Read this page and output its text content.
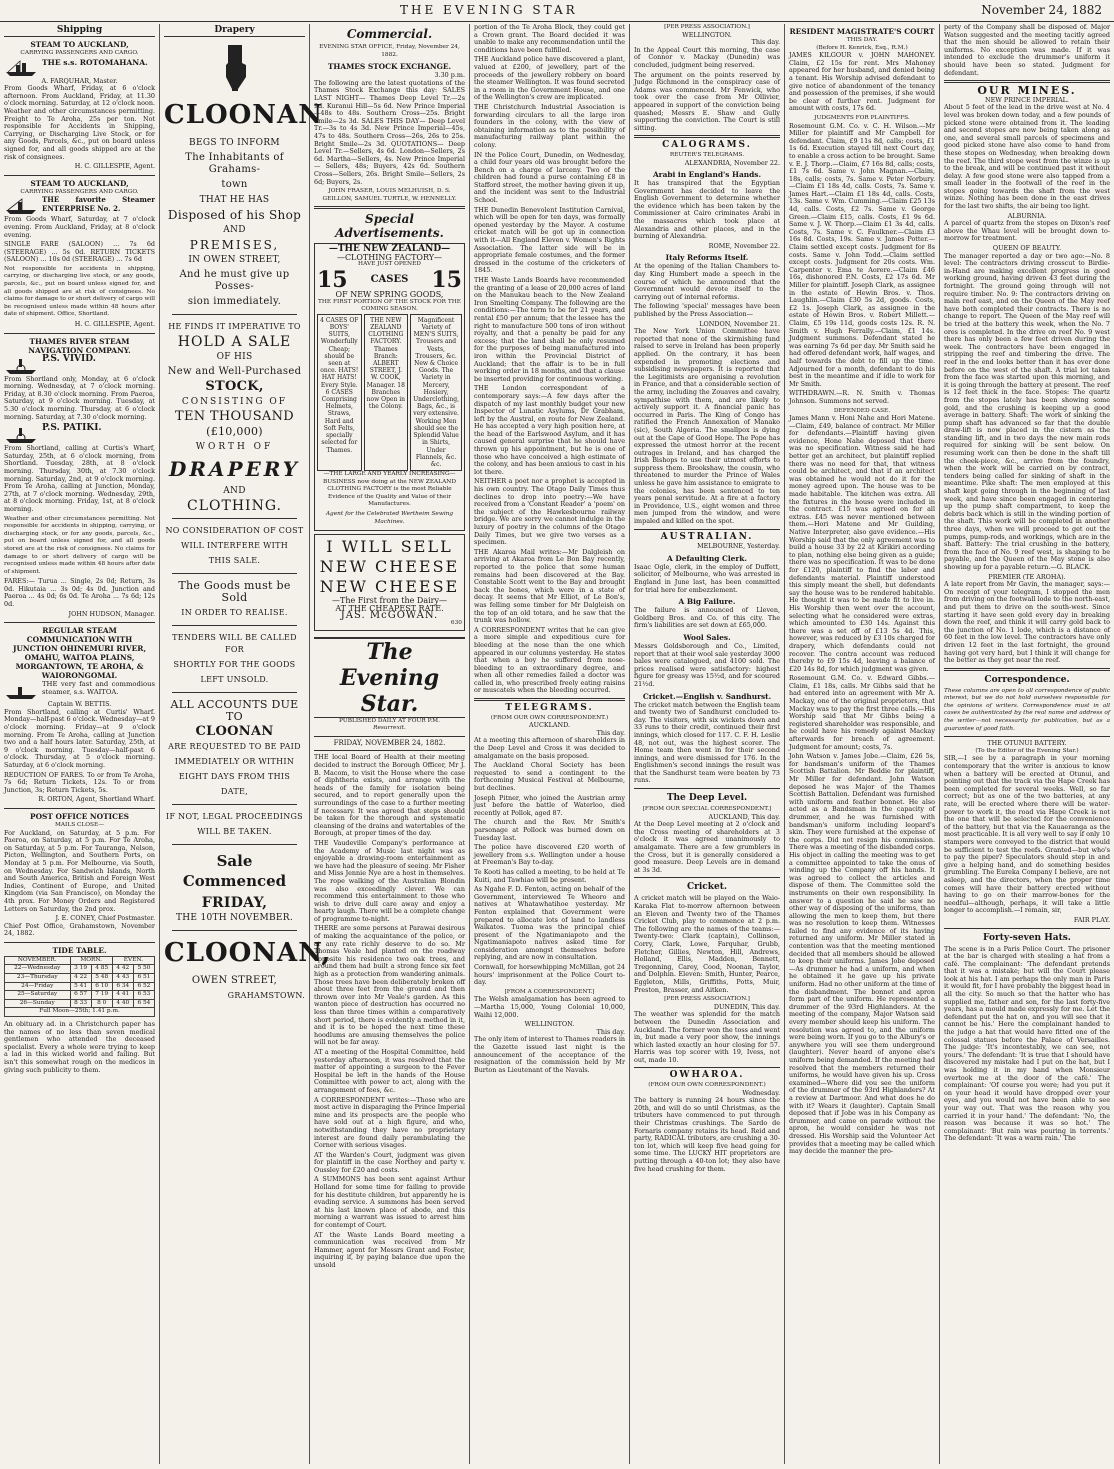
THE EVENING STAR	November 24, 1882
Shipping
STEAM TO AUCKLAND,
CARRYING PASSENGERS AND CARGO.
THE s.s. ROTOMAHANA.
A. FARQUHAR, Master.

From Goods Wharf, Friday, at 6 o'clock afternoon. From Auckland, Friday, at 11.30 o'clock morning. Saturday, at 12 o'clock noon. Weather and other circumstances permitting. Freight to Te Aroha, 25s per ton. Not responsible for Accidents in Shipping, Carrying, or Discharging Live Stock, or for any Goods, Parcels, &c., put on board unless signed for, and all goods shipped are at the risk of consignees.

H. C. GILLESPIE, Agent.
STEAM TO AUCKLAND,
CARRYING PASSENGERS AND CARGO.
THE favorite Steamer ENTERPRISE No. 2.

From Goods Wharf, Saturday, at 7 o'clock evening. From Auckland, Friday, at 8 o'clock evening.

SINGLE FARE (SALOON) ... 7s 6d (STEERAGE) ... 5s 0d. RETURN TICKETS (SALOON) ... 10s 0d (STEERAGE) ... 7s 6d

Not responsible for accidents in shipping, carrying, or discharging live stock, or any goods, parcels, &c., put on board unless signed for, and all goods shipped are at risk of consignees. No claims for damage to or short delivery of cargo will be recognised unless made within 48 hours after date of shipment. Office, Shortland.

H. C. GILLESPIE, Agent.
THAMES RIVER STEAM NAVIGATION COMPANY.
P.S. VIVID.

From Shortland only, Monday, at 6 o'clock morning. Wednesday, at 7 o'clock morning. Friday, at 8.30 o'clock morning. From Paeroa, Saturday, at 9 o'clock morning. Tuesday, at 5.30 o'clock morning. Thursday, at 6 o'clock morning. Saturday, at 7.30 o'clock morning.

P.S. PATIKI.

From Shortland, calling at Curtis's Wharf, Saturday, 25th, at 6 o'clock morning, from Shortland. Tuesday, 28th, at 8 o'clock morning. Thursday, 30th, at 7.30 o'clock morning. Saturday, 2nd, at 9 o'clock morning. From Te Aroha, calling at Junction, Monday, 27th, at 7 o'clock morning. Wednesday, 29th, at 8 o'clock morning. Friday, 1st, at 8 o'clock morning.

Weather and other circumstances permitting. Not responsible for accidents in shipping, carrying, or discharging stock, or for any goods, parcels, &c., put on board unless signed for, and all goods stored are at the risk of consignees. No claims for damage to or short delivery of cargo will be recognised unless made within 48 hours after date of shipment.

FARES:— Turua ... Single, 2s 0d; Return, 3s 0d. Hikutaia ... 3s 0d; 4s 0d. Junction and Paeroa ... 4s 0d; 6s 0d. Te Aroha ... 7s 6d; 12s 0d.

JOHN HUDSON, Manager.
REGULAR STEAM COMMUNICATION WITH JUNCTION OHINEMURI RIVER, OMAHU, WAITOA PLAINS, MORGANTOWN, TE AROHA, & WAIORONGOMAI.
THE very fast and commodious steamer, s.s. WAITOA.
Captain W. BETTIS.

From Shortland, calling at Curtis' Wharf. Monday—half-past 6 o'clock. Wednesday—at 9 o'clock morning. Friday—at 9 o'clock morning. From Te Aroha, calling at Junction two and a half hours later. Saturday, 25th, at 9 o'clock morning. Tuesday—half-past 6 o'clock. Thursday, at 5 o'clock morning. Saturday, at 6 o'clock morning.

REDUCTION OF FARES. To or from Te Aroha, 7s 6d; Return Tickets, 12s. To or from Junction, 3s; Return Tickets, 5s.

R. ORTON, Agent, Shortland Wharf.
POST OFFICE NOTICES
MAILS CLOSE—

For Auckland, on Saturday, at 5 p.m. For Paeroa, on Saturday, at 5 p.m. For Te Aroha, on Saturday, at 5 p.m. For Tauranga, Nelson, Picton, Wellington, and Southern Ports, on Monday at 5 p.m. For Melbourne, via South, on Wednesday. For Sandwich Islands, North and South America, British and Foreign West Indies, Continent of Europe, and United Kingdom (via San Francisco), on Monday the 4th prox. For Money Orders and Registered Letters on Saturday, the 2nd prox.

J. E. CONEY, Chief Postmaster.
Chief Post Office, Grahamstown, November 24, 1882.
TIDE TABLE.
NOVEMBER.	MORN.		EVEN.	
22—Wednesday	3 19	4 85	4 42	5 50
23—Thursday	4 22	5 48	4 43	6 51
24—Friday	5 41	6 10	6 34	6 52
25—Saturday	6 57	7 19	4 41	6 53
26—Sunday	8 33	8 0	4 40	6 54
Full Moon—25th; 1.41 p.m.				

An obituary ad. in a Christchurch paper has the names of no less than seven medical gentlemen who attended the deceased specialist. Every a whole were trying to keep a lad in this wicked world and failing. But isn't this somewhat rough on the medicos in giving such publicity to them.

Drapery
CLOONAN
BEGS TO INFORM
The Inhabitants of Grahams-
town
THAT HE HAS
Disposed of his Shop
AND
PREMISES,
IN OWEN STREET,
And he must give up Posses-
sion immediately.
HE FINDS IT IMPERATIVE TO
HOLD A SALE
OF HIS
New and Well-Purchased
STOCK,
CONSISTING OF
TEN THOUSAND
(£10,000)
WORTH OF
DRAPERY
AND
CLOTHING.
NO CONSIDERATION OF COST
WILL INTERFERE WITH
THIS SALE.
The Goods must be Sold
IN ORDER TO REALISE.
TENDERS WILL BE CALLED FOR
SHORTLY FOR THE GOODS
LEFT UNSOLD.
ALL ACCOUNTS DUE TO
CLOONAN
ARE REQUESTED TO BE PAID
IMMEDIATELY OR WITHIN
EIGHT DAYS FROM THIS
DATE,
IF NOT, LEGAL PROCEEDINGS
WILL BE TAKEN.
Sale Commenced
FRIDAY,
THE 10TH NOVEMBER.
CLOONAN,
OWEN STREET,
GRAHAMSTOWN.
Commercial.
EVENING STAR OFFICE, Friday, November 24, 1882.
THAMES STOCK EXCHANGE.
3.30 p.m.

The following are the latest quotations of the Thames Stock Exchange this day: SALES LAST NIGHT— Thames Deep Level Tr.—2s 9d. Kuranui Hill—5s 6d. New Prince Imperial—48s to 48s. Southern Cross—25s. Bright Smile—2s 3d. SALES THIS DAY— Deep Level Tr.—3s to 4s 3d. New Prince Imperial—45s, 47s to 48s. Southern Cross—26s, 26s to 25s. Bright Smile—2s 3d. QUOTATIONS— Deep Level Tr.—Sellers, 4s 6d. London—Sellers, 2s 6d. Martha—Sellers, 4s. New Prince Imperial — Sellers, 48s; Buyers, 42s 6d. Southern Cross—Sellers, 26s. Bright Smile—Sellers, 2s 6d; Buyers, 2s.

JOHN FRASER, LOUIS MELHUISH, D. S. GEILLON, SAMUEL TURTLE, W. HENNELLY.

Special Advertisements.
—THE NEW ZEALAND—
—CLOTHING FACTORY—
HAVE JUST OPENED
15 CASES 15
OF NEW SPRING GOODS,
THE FIRST PORTION OF THE STOCK FOR THE COMING SEASON.
4 CASES OF BOYS' SUITS, Wonderfully Cheap; should be seen at once. HATS! HAT HATS! Every Style. 6 CASES Comprising Helmets, Straws, Hard and Soft Felts, specially selected for Thames.
THE NEW ZEALAND CLOTHING FACTORY. Thames Branch: ALBERT STREET, J. W. COOK, Manager. 18 Branches now Open in the Colony.
Magnificent Variety of MEN'S SUITS, Trousers and Vests, Trousers, &c. New & Choice Goods. The Variety in Mercery, Hosiery, Underclothing, Bags, &c., is very extensive. Working Men should see the Splendid Value in Shirts, Under Flannels, &c. &c.

—THE LARGE AND YEARLY INCREASING— BUSINESS now doing at the NEW ZEALAND CLOTHING FACTORY is the most Reliable Evidence of the Quality and Value of their Manufactures.

Agent for the Celebrated Wertheim Sewing Machines.

I WILL SELL
NEW CHEESE
NEW CHEESE
—The First from the Dairy—
AT THE CHEAPEST RATE.
JAS. McGOWAN.
630
The Evening Star.
PUBLISHED DAILY AT FOUR P.M.
Resurrexit.
FRIDAY, NOVEMBER 24, 1882.

THE local Board of Health at their meeting decided to instruct the Borough Officer, Mr J. B. Macom, to visit the House where the case of diphtheria exists, and arrange with the heads of the family for isolation being secured, and to report generally upon the surroundings of the case to a further meeting if necessary. It was agreed that steps should be taken for the thorough and systematic cleansing of the drains and watertables of the Borough, at proper times of the day.

THE Vaudeville Company's performance at the Academy of Music last night was as enjoyable a drawing-room entertainment as we have had the pleasure of seeing. Mr Fisher and Miss Jennie Nye are a host in themselves. The rope walking of the Australian Blondin was also exceedingly clever. We can recommend this entertainment to those who wish to drive dull care away and enjoy a hearty laugh. There will be a complete change of programme to-night.

THERE are some persons at Parawai desirous of making the acquaintance of the police, or at any rate richly deserve to do so. Mr Thomas Veale had planted on the roadway opposite his residence two oak trees, and around them had built a strong fence six feet high as a protection from wandering animals. Those trees have been deliberately broken off about three feet from the ground and then thrown over into Mr Veale's garden. As this wanton piece of destruction has occurred no less than three times within a comparatively short period, there is evidently a method in it, and it is to be hoped the next time these hoodlums are amusing themselves the police will not be far away.

AT a meeting of the Hospital Committee, held yesterday afternoon, it was resolved that the matter of appointing a surgeon to the Fever Hospital be left in the hands of the House Committee with power to act, along with the arrangement of fees, &c.

A CORRESPONDENT writes:—Those who are most active in disparaging the Prince Imperial mine and its prospects are the people who have sold out at a high figure, and who, notwithstanding they have no proprietary interest are found daily perambulating the Corner with serious visages.

AT the Warden's Court, judgment was given for plaintiff in the case Northey and party v. Oussley for £20 and costs.

A SUMMONS has been sent against Arthur Holland for some time for failing to provide for his destitute children, but apparently he is evading service. A summons has been served at his last known place of abode, and this morning a warrant was issued to arrest him for contempt of Court.

AT the Waste Lands Board meeting a communication was received from Mr Hammer, agent for Messrs Grant and Foster, inquiring if, by paying balance due upon the unsold

portion of the Te Aroha Block, they could get a Crown grant. The Board decided it was unable to make any recommendation until the conditions have been fulfilled.

THE Auckland police have discovered a plant, valued at £200, of jewellery, part of the proceeds of the jewellery robbery on board the steamer Wellington. It was found secreted in a room in the Government House, and one of the Wellington's crew are implicated.

THE Christchurch Industrial Association is forwarding circulars to all the large iron founders in the colony, with the view of obtaining information as to the possibility of manufacturing railway plant within the colony.

IN the Police Court, Dunedin, on Wednesday, a child four years old was brought before the Bench on a charge of larceny. Two of the children had found a purse containing £8 in Stafford street, the mother having given it up, and the incident was sent to the Industrial School.

THE Dunedin Benevolent Institution Carnival, which will be open for ten days, was formally opened yesterday by the Mayor. A costume cricket match will be got up in connection with it—All England Eleven v. Women's Rights Association. The latter side will be in appropriate female costumes, and the former dressed in the costume of the cricketers of 1845.

THE Waste Lands Boards have recommended the granting of a lease of 20,000 acres of land on the Manukau beach to the New Zealand Iron Smelting Company. The following are the conditions:—The term to be for 21 years, and rental £50 per annum; that the lessee has the right to manufacture 500 tons of iron without royalty, and that a penalty be paid for any excess; that the land shall be only resumed for the purposes of being manufactured into iron within the Provincial District of Auckland; that the affair is to be in full working order in 18 months, and that a clause be inserted providing for continuous working.

THE London correspondent of a contemporary says:—A few days after the dispatch of my last monthly budget your new Inspector of Lunatic Asylums, Dr Grabham, left by the Austral, en route for New Zealand. He has accepted a very high position here, at the head of the Earlswood Asylum, and it has caused general surprise that he should have thrown up his appointment, but he is one of those who have conceived a high estimate of the colony, and has been anxious to cast in his lot there.

NEITHER a poet nor a prophet is accepted in his own country. The Otago Daily Times thus declines to drop into poetry:—We have received from a 'Constant Reader' a 'poem' on the subject of the Hawkesbourne railway bridge. We are sorry we cannot indulge in the luxury of poetry in the columns of the Otago Daily Times, but we give two verses as a specimen.

THE Akaroa Mail writes:—Mr Dalgleish on arriving at Akaroa from Le Bon Bay recently, reported to the police that some human remains had been discovered at the Bay. Constable Scott went to the Bay and brought back the bones, which were in a state of decay. It seems that Mr Elliot, of Le Bon's, was felling some timber for Mr Dalgleish on the top of an old totara, and he saw that the trunk was hollow.

A CORRESPONDENT writes that he can give a more simple and expeditious cure for bleeding at the nose than the one which appeared in our columns yesterday. He states that when a boy he suffered from nose-bleeding to an extraordinary degree, and when all other remedies failed a doctor was called in, who prescribed freely eating raisins or muscatels when the bleeding occurred.

TELEGRAMS.
(FROM OUR OWN CORRESPONDENT.)
AUCKLAND.
This day.

At a meeting this afternoon of shareholders in the Deep Level and Cross it was decided to amalgamate on the basis proposed.

The Auckland Choral Society has been requested to send a contingent to the forthcoming Musical Festival at Melbourne, but declines.

Joseph Pitner, who joined the Austrian army just before the battle of Waterloo, died recently at Pollok, aged 87.

The church and the Rev. Mr Smith's parsonage at Pollock was burned down on Tuesday last.

The police have discovered £20 worth of jewellery from s.s. Wellington under a house at Freeman's Bay to-day.

Te Kooti has called a meeting, to be held at Te Kuiti, and Tawhiao will be present.

As Ngahe F. D. Fenton, acting on behalf of the Government, interviewed Te Wheoro and natives at Whatawhatihoe yesterday. Mr Fenton explained that Government were prepared to allocate lots of land to landless Waikatos. Tuoma was the principal chief present of the Ngatimaniapoto and the Ngatimaniapoto natives asked time for consideration amongst themselves before replying, and are now in consultation.

Cornwall, for horsewhipping McMillan, got 24 hours' imprisonment at the Police Court to-day.

[FROM A CORRESPONDENT.]

The Welsh amalgamation has been agreed to—Martha 15,000, Young Colonial 10,000, Waihi 12,000.

WELLINGTON.
This day.

The only item of interest to Thames readers in the Gazette issued last night is the announcement of the acceptance of the resignation of the commission held by Mr Burton as Lieutenant of the Navals.

[PER PRESS ASSOCIATION.]
WELLINGTON.
This day.

In the Appeal Court this morning, the case of Connor v. Mackay (Dunedin) was concluded, judgment being reserved.

The argument on the points reserved by Judge Richmond in the conspiracy case of Adams was commenced. Mr Fenwick, who took over the case from Mr Ollivier, appeared in support of the conviction being quashed; Messrs E. Shaw and Gully supporting the conviction. The Court is still sitting.

CALOGRAMS.
REUTER'S TELEGRAMS.
ALEXANDRIA, November 22.
Arabi in England's Hands.

It has transpired that the Egyptian Government has decided to leave the English Government to determine whether the evidence which has been taken by the Commissioner at Cairo criminates Arabi in the massacres which took place at Alexandria and other places, and in the burning of Alexandria.

ROME, November 22.
Italy Reforms Itself.

At the opening of the Italian Chambers to-day King Humbert made a speech in the course of which he announced that the Government would devote itself to the carrying out of internal reforms.

The following 'special' messages have been published by the Press Association—

LONDON, November 21.

The New York Union Committee have reported that none of the skirmishing fund raised to serve in Ireland has been properly applied. On the contrary, it has been expended in promoting elections and subsidising newspapers. It is reported that the Legitimists are organising a revolution in France, and that a considerable section of the army, including the Zouaves and cavalry, sympathise with them, and are likely to actively support it. A financial panic has occurred in Paris. The King of Congo has ratified the French Annexation of Manako (sic), South Algeria. The smallpox is dying out at the Cape of Good Hope. The Pope has expressed the utmost horror at the recent outrages in Ireland, and has charged the Irish Bishops to use their utmost efforts to suppress them. Brookshaw, the cousin, who threatened to murder the Prince of Wales unless he gave him assistance to emigrate to the colonies, has been sentenced to ten years penal servitude. At a fire at a factory in Providence, U.S., eight women and three men jumped from the window, and were impaled and killed on the spot.

AUSTRALIAN.
MELBOURNE, Yesterday.
A Defaulting Clerk.

Isaac Ogle, clerk, in the employ of Duffett, solicitor, of Melbourne, who was arrested in England in June last, has been committed for trial here for embezzlement.

A Big Failure.

The failure is announced of Lleven, Goldberg Bros. and Co. of this city. The firm's liabilities are set down at £65,000.

Wool Sales.

Messrs Goldsborough and Co., Limited, report that at their wool sale yesterday 3000 bales were catalogued, and 4100 sold. The prices realised were satisfactory: highest figure for greasy was 15½d, and for scoured 21½d.

Cricket.—English v. Sandhurst.

The cricket match between the English team and twenty two of Sandhurst concluded to-day. The visitors, with six wickets down and 33 runs to their credit, continued their first innings, which closed for 117. C. F. H. Leslie 48, not out, was the highest scorer. The Home team then went in for their second innings, and were dismissed for 176. In the Englishmen's second innings the result was that the Sandhurst team were beaten by 73 runs.

The Deep Level.
[FROM OUR SPECIAL CORRESPONDENT.]
AUCKLAND, This day.

At the Deep Level meeting at 2 o'clock and the Cross meeting of shareholders at 3 o'clock it was agreed unanimously to amalgamate. There are a few grumblers in the Cross, but it is generally considered a good measure. Deep Levels are in demand at 3s 3d.

Cricket.

A cricket match will be played on the Waio-Karaka Flat to-morrow afternoon between an Eleven and Twenty two of the Thames Cricket Club, play to commence at 2 p.m. The following are the names of the teams:—Twenty-two: Clark (captain), Collinson, Corry, Clark, Lowe, Farquhar, Grubb, Fletcher, Gillies, Newton, Hill, Andrews, Holland, Ellis, Madden, Bennett, Tregonning, Carey, Cood, Noonan, Taylor, and Dolphin. Eleven: Smith, Hunter, Pearce, Eggleton, Mills, Griffiths, Potts, Muir, Preston, Brasser, and Aitken.

[PER PRESS ASSOCIATION.]
DUNEDIN, This day.

The weather was splendid for the match between the Dunedin Association and Auckland. The former won the toss and went in, but made a very poor show, the innings which lasted exactly an hour closing for 57. Harris was top scorer with 19, Ivess, not out, made 10.

OWHAROA.
(FROM OUR OWN CORRESPONDENT.)
Wednesday.

The battery is running 24 hours since the 20th, and will do so until Christmas, as the tributers have commenced to put through their Christmas crushings. The Sardo de Fornaris company retains its head. Reid and party, RADICAL tributers, are crushing a 30-ton lot, which will keep five head going for some time. The LUCKY HIT proprietors are putting through a 40-ton lot; they also have five head crushing for them.

RESIDENT MAGISTRATE'S COURT
THIS DAY.
(Before H. Kenrick, Esq., R.M.)

JAMES KILGOUR v. JOHN MAHONEY. Claim, £2 15s for rent. Mrs Mahoney appeared for her husband, and denied being a tenant. His Worship advised defendant to give notice of abandonment of the tenancy and possession of the premises, if she would be clear of further rent. Judgment for amount with costs, 17s 6d.

JUDGMENTS FOR PLAINTIFFS.

Rosemount G.M. Co. v. C. H. Wilson.—Mr Miller for plaintiff and Mr Campbell for defendant. Claim, £9 11s 8d, calls; costs, £1 1s 6d. Execution stayed till next Court day, to enable a cross action to be brought. Same v. E. J. Thorp.—Claim, £7 16s 8d, calls; costs, £1 7s 6d. Same v. John Magnan.—Claim, 18s, calls; costs, 7s. Same v. Peter Norbury.—Claim £1 18s 4d, calls. Costs, 7s. Same v. James Hart.—Claim £1 18s 4d, calls. Costs, 13s. Same v. Wm. Cumming.—Claim £25 13s 4d, calls. Costs, £2 7s. Same v. George Green.—Claim £15, calls. Costs, £1 9s 6d. Same v. J. W. Thorp.—Claim £1 3s 4d, calls. Costs, 7s. Same v. C. Faulkner.—Claim £3 16s 8d. Costs, 19s. Same v. James Potter.—Claim settled except costs. Judgment for 8s costs. Same v. John Todd.—Claim settled except costs. Judgment for 20s costs. Wm. Carpenter v. Ema te Aorere.—Claim £46 16s, dishonored P.N. Costs, £2 17s 6d. Mr Miller for plaintiff. Joseph Clark, as assignee in the estate of Hewin Bros. v. Thos. Laughlin.—Claim £30 5s 2d, goods. Costs, £2 1s. Joseph Clark, as assignee in the estate of Hewin Bros. v. Robert Millett.—Claim, £5 19s 11d, goods costs 12s. R. N. Smith v. Hugh Ferrally.—Claim, £1 14s. Judgment summons. Defendant stated he was earning 7s 6d per day. Mr Smith said he had offered defendant work, half wages, and half towards the debt to fill up the time. Adjourned for a month, defendant to do his best in the meantime and if idle to work for Mr Smith.

WITHDRAWN.—R. N. Smith v. Thomas Johnson. Summons not served.

DEFENDED CASE.

James Mann v. Honi Nahe and Hori Matene.—Claim, £49, balance of contract. Mr Miller for defendants.—Plaintiff having given evidence, Hone Nahe deposed that there was no specification. Witness said he had better get an architect, but plaintiff replied there was no need for that, that witness could be architect, and that if an architect was obtained he would not do it for the money agreed upon. The house was to be made habitable. The kitchen was extra. All the fixtures in the house were included in the contract. £15 was agreed on for all extras. £45 was never mentioned between them.—Hori Matene and Mr Guilding, Native Interpreter, also gave evidence.—His Worship said that the only agreement was to build a house 33 by 22 at Kirikiri according to plan, nothing else being given as a guide; there was no specification. It was to be done for £120, plaintiff to find the labor and defendants material. Plaintiff understood this simply meant the shell, but defendants say the house was to be rendered habitable. He thought it was to be made fit to live in. His Worship then went over the account, selecting what he considered were extras, which amounted to £30 14s. Against this there was a set off of £13 5s 4d. This, however, was reduced by £3 10s charged for drapery, which defendants could not recover. The contra account was reduced thereby to £9 15s 4d, leaving a balance of £20 14s 8d, for which judgment was given.

Rosemount G.M. Co. v. Edward Gibbs.—Claim, £1 18s, calls. Mr Gibbs said that he had entered into an agreement with Mr A. Mackay, one of the original proprietors, that Mackay was to pay the first three calls.—His Worship said that Mr Gibbs being a registered shareholder was responsible, and he could have his remedy against Mackay afterwards for breach of agreement. Judgment for amount; costs, 7s.

John Watson v. James Jobe.—Claim, £26 5s, for bandsman's uniform of the Thames Scottish Battalion. Mr Beddie for plaintiff, Mr Miller for defendant. John Watson deposed he was Major of the Thames Scottish Battalion. Defendant was furnished with uniform and feather bonnet. He also acted as a Bandsman in the capacity of drummer, and he was furnished with bandsman's uniform including leopard's skin. They were furnished at the expense of the corps. Did not resign his commission. There was a meeting of the disbanded corps. His object in calling the meeting was to get a committee appointed to take the onus of winding up the Company off his hands. It was agreed to collect the articles and dispose of them. The Committee sold the instruments on their own responsibility. In answer to a question he said he saw no other way of disposing of the uniforms, than allowing the men to keep them, but there was no resolution to keep them. Witnesses failed to find any evidence of its having returned any uniform. Mr Miller stated in contention was that the meeting mentioned decided that all members should be allowed to keep their uniforms. James Jobe deposed—As drummer he had a uniform, and when he obtained it he gave up his private uniform. Had no other uniform at the time of the disbandment. The bonnet and apron form part of the uniform. He represented a drummer of the 93rd Highlanders. At the meeting of the company, Major Watson said every member should keep his uniform. The resolution was agreed to, and the uniform were being worn. If you go to the Albury's or anywhere you will see them underground (laughter). Never heard of anyone else's uniform being demanded. If the meeting had resolved that the members returned their uniforms, he would have given his up. Cross examined—Where did you see the uniform of the drummer of the 93rd Highlanders? At a review at Dartmoor. And what does he do with it? Wears it (laughter). Captain Small deposed that if Jobe was in his Company as drummer, and came on parade without the apron, he would consider he was not dressed. His Worship said the Volunteer Act provides that a meeting may be called which may decide the manner the pro-

perty of the Company shall be disposed of. Major Watson suggested and the meeting tacitly agreed that the men should be allowed to retain their uniforms. No exception was made. If it was intended to exclude the drummer's uniform it should have been so stated. Judgment for defendant.

OUR MINES.
NEW PRINCE IMPERIAL.

About 5 feet of the lead in the drive west at No. 4 level was broken down today, and a few pounds of picked stone were obtained from it. The leading and second stopes are now being taken along as one, and several small parcels of specimens and good picked stone have also come to hand from these stopes on Wednesday, when breaking down the reef. The third stope west from the winze is up to the break, and will be continued past it without delay. A few good stone were also tapped from a small leader in the footwall of the reef in the stopes going towards the shaft from the west winze. Nothing has been done in the east drives for the last two shifts, the air being too light.

ALBURNIA.

A parcel of quartz from the stopes on Dixon's reef above the Whau level will be brought down to-morrow for treatment.

QUEEN OF BEAUTY.

The manager reported a day or two ago:—No. 8 level: The contractors driving crosscut to Birdie-in-Hand are making excellent progress in good working ground, having driven 43 feet during the fortnight. The ground going through will not require timber. No. 9: The contractors driving on main reef east, and on the Queen of the May reef have both completed their contracts. There is no change to report. The Queen of the May reef will be tried at the battery this week, when the No. 7 ores is completed. In the drive on reef No. 9 west there has only been a few feet driven during the week. The contractors have been engaged in stripping the reef and timbering the drive. The reef in the end looks better than it has ever done before on the west of the shaft. A trial lot taken from the face was started upon this morning, and it is going through the battery at present. The reef is 12 feet thick in the face. Stopes: The quartz from the stopes lately has been showing some gold, and the crushing is keeping up a good average in battery. Shaft: The work of sinking the pump shaft has advanced so far that the double draw-lift is now placed in the cistern as the standing lift, and in two days the new main rods required for sinking will be sent below. On resuming work can then be done in the shaft till the cheek-piece, &c., arrive from the foundry, when the work will be carried on by contract, tenders being called for sinking of shaft in the meantime. Pike shaft: The men employed at this shaft kept going through in the beginning of last week, and have since been engaged in centering up the pump shaft compartment, to keep the debris back which is still in the winding portion of the shaft. This work will be completed in another three days, when we will proceed to get out the pumps, pump-rods, and workings, which are in the shaft. Battery: The trial crushing in the battery, from the face of No. 9 reef west, is shaping to be payable, and the Queen of the May stone is also showing up for a payable return.—G. BLACK.

PREMIER (TE AROHA).

A late report from Mr Gavin, the manager, says:—On receipt of your telegram, I stopped the men from driving on the footwall lode to the north-east, and put them to drive on the south-west. Since starting it have seen gold every day in breaking down the reef, and think it will carry gold back to the junction of No. 1 lode, which is a distance of 60 feet in the low level. The contractors have only driven 12 feet in the last fortnight, the ground having got very hard, but I think it will change for the better as they get near the reef.

Correspondence.

These columns are open to all correspondence of public interest, but we do not hold ourselves responsible for the opinions of writers. Correspondence must in all cases be authenticated by the real name and address of the writer—not necessarily for publication, but as a guarantee of good faith.

THE OTUNUI BATTERY.
(To the Editor of the Evening Star.)

SIR,—I see by a paragraph in your morning contemporary that the writer is anxious to know when a battery will be erected at Otunui, and pointing out that the track via the Hape Creek has been completed for several weeks. Well, so far correct; but as one of the two batteries, at any rate, will be erected where there will be water-power to work it, the road via Hape Creek is not the one that will be selected for the convenience of the battery, but that via the Kauaeranga as the most practicable. It is all very well to say if only 10 stampers were conveyed to the district that would be sufficient to test the reefs. Granted—but who's to pay the piper? Speculators should step in and give a helping hand, and do something besides grumbling. The Eureka Company I believe, are not asleep, and the directors, when the proper time comes will have their battery erected without having to go on their marrow-bones for the needful—although, perhaps, it will take a little longer to accomplish.—I remain, sir,

FAIR PLAY.
Forty-seven Hats.

The scene is in a Paris Police Court. The prisoner at the bar is charged with stealing a hat from a café. The complainant: 'The defendant pretends that it was a mistake; but will the Court please look at his hat. I am perhaps the only man in Paris it would fit, for I have probably the biggest head in all the city. So much so that the hatter who has supplied me, father and son, for the last forty-five years, has a mould made expressly for me. Let the defendant put the hat on, and you will see that it cannot be his.' Here the complainant handed to the judge a hat that would have fitted one of the colossal statues before the Palace of Versailles. The judge: 'It's incontestably, we can see, not yours.' The defendant: 'It is true that I should have discovered my mistake had I put on the hat, but I was holding it in my hand when Monsieur overtook me at the door of the café.' The complainant: 'Of course you were; had you put it on your head it would have dropped over your eyes, and you would not have been able to see your way out. That was the reason why you carried it in your hand.' The defendant: 'No, the reason was because it was so hot.' The complainant: 'But rain was pouring in torrents.' The defendant: 'It was a warm rain.' The
